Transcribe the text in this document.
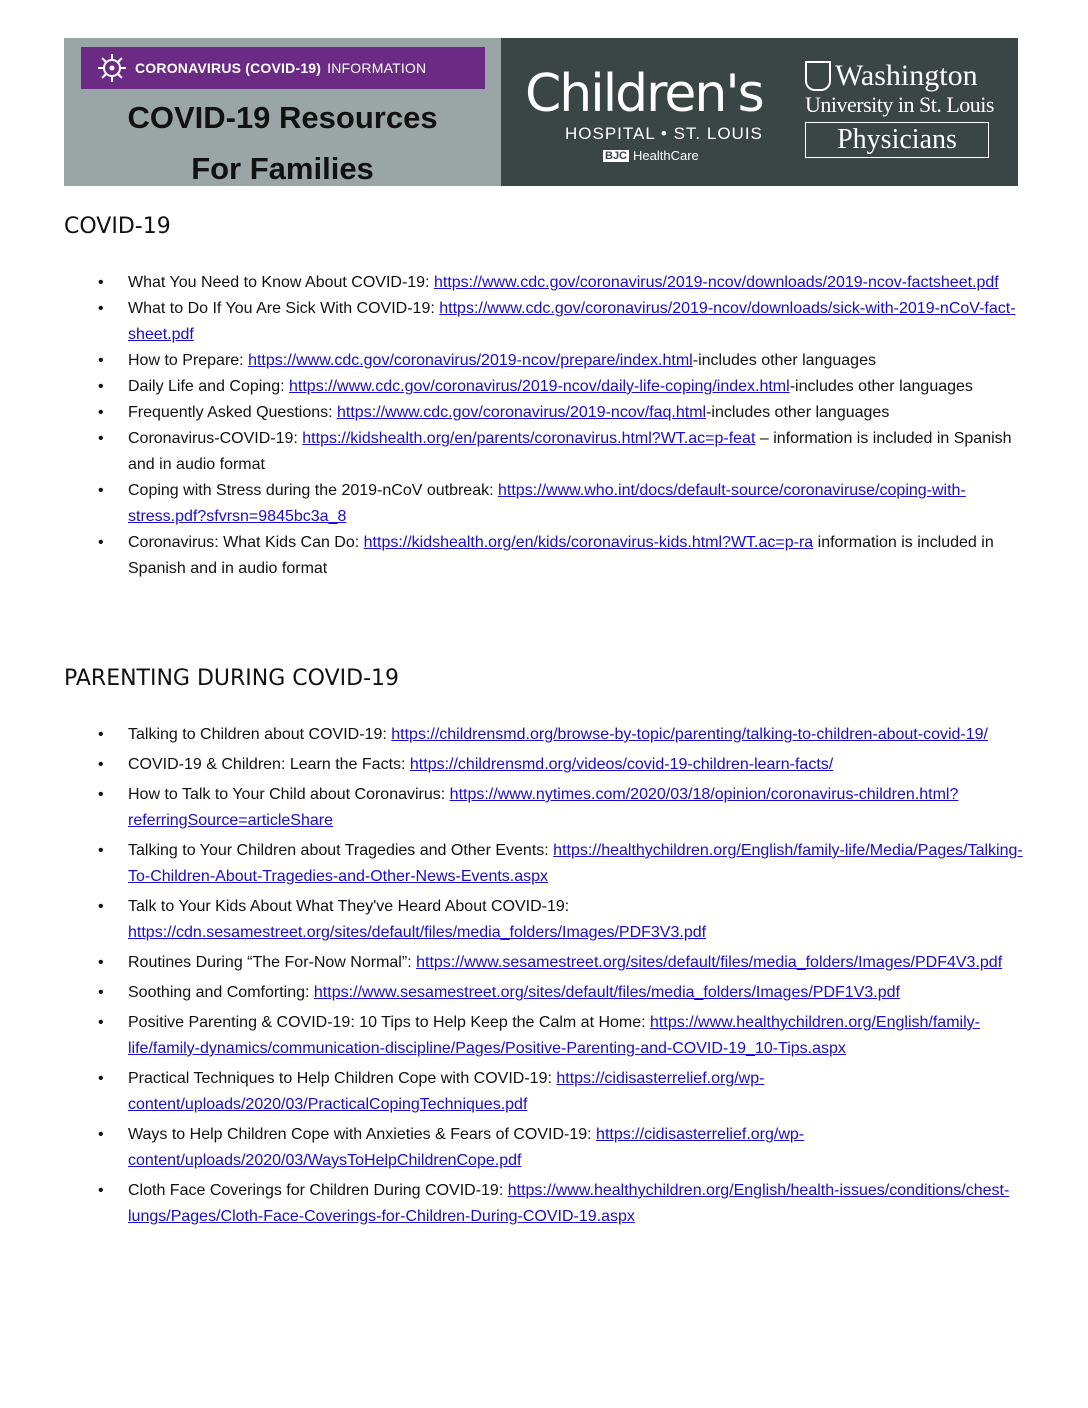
CORONAVIRUS (COVID-19) INFORMATION
COVID-19 Resources
For Families
Children's
HOSPITAL • ST. LOUIS
BJC HealthCare
Washington
University in St. Louis
Physicians
COVID-19
• What You Need to Know About COVID-19: https://www.cdc.gov/coronavirus/2019-ncov/downloads/2019-ncov-factsheet.pdf
• What to Do If You Are Sick With COVID-19: https://www.cdc.gov/coronavirus/2019-ncov/downloads/sick-with-2019-nCoV-fact-sheet.pdf
• How to Prepare: https://www.cdc.gov/coronavirus/2019-ncov/prepare/index.html-includes other languages
• Daily Life and Coping: https://www.cdc.gov/coronavirus/2019-ncov/daily-life-coping/index.html-includes other languages
• Frequently Asked Questions: https://www.cdc.gov/coronavirus/2019-ncov/faq.html-includes other languages
• Coronavirus-COVID-19: https://kidshealth.org/en/parents/coronavirus.html?WT.ac=p-feat – information is included in Spanish and in audio format
• Coping with Stress during the 2019-nCoV outbreak: https://www.who.int/docs/default-source/coronaviruse/coping-with-stress.pdf?sfvrsn=9845bc3a_8
• Coronavirus: What Kids Can Do: https://kidshealth.org/en/kids/coronavirus-kids.html?WT.ac=p-ra information is included in Spanish and in audio format
PARENTING DURING COVID-19
• Talking to Children about COVID-19: https://childrensmd.org/browse-by-topic/parenting/talking-to-children-about-covid-19/
• COVID-19 & Children: Learn the Facts: https://childrensmd.org/videos/covid-19-children-learn-facts/
• How to Talk to Your Child about Coronavirus: https://www.nytimes.com/2020/03/18/opinion/coronavirus-children.html?referringSource=articleShare
• Talking to Your Children about Tragedies and Other Events: https://healthychildren.org/English/family-life/Media/Pages/Talking-To-Children-About-Tragedies-and-Other-News-Events.aspx
• Talk to Your Kids About What They've Heard About COVID-19: https://cdn.sesamestreet.org/sites/default/files/media_folders/Images/PDF3V3.pdf
• Routines During “The For-Now Normal”: https://www.sesamestreet.org/sites/default/files/media_folders/Images/PDF4V3.pdf
• Soothing and Comforting: https://www.sesamestreet.org/sites/default/files/media_folders/Images/PDF1V3.pdf
• Positive Parenting & COVID-19: 10 Tips to Help Keep the Calm at Home: https://www.healthychildren.org/English/family-life/family-dynamics/communication-discipline/Pages/Positive-Parenting-and-COVID-19_10-Tips.aspx
• Practical Techniques to Help Children Cope with COVID-19: https://cidisasterrelief.org/wp-content/uploads/2020/03/PracticalCopingTechniques.pdf
• Ways to Help Children Cope with Anxieties & Fears of COVID-19: https://cidisasterrelief.org/wp-content/uploads/2020/03/WaysToHelpChildrenCope.pdf
• Cloth Face Coverings for Children During COVID-19: https://www.healthychildren.org/English/health-issues/conditions/chest-lungs/Pages/Cloth-Face-Coverings-for-Children-During-COVID-19.aspx
